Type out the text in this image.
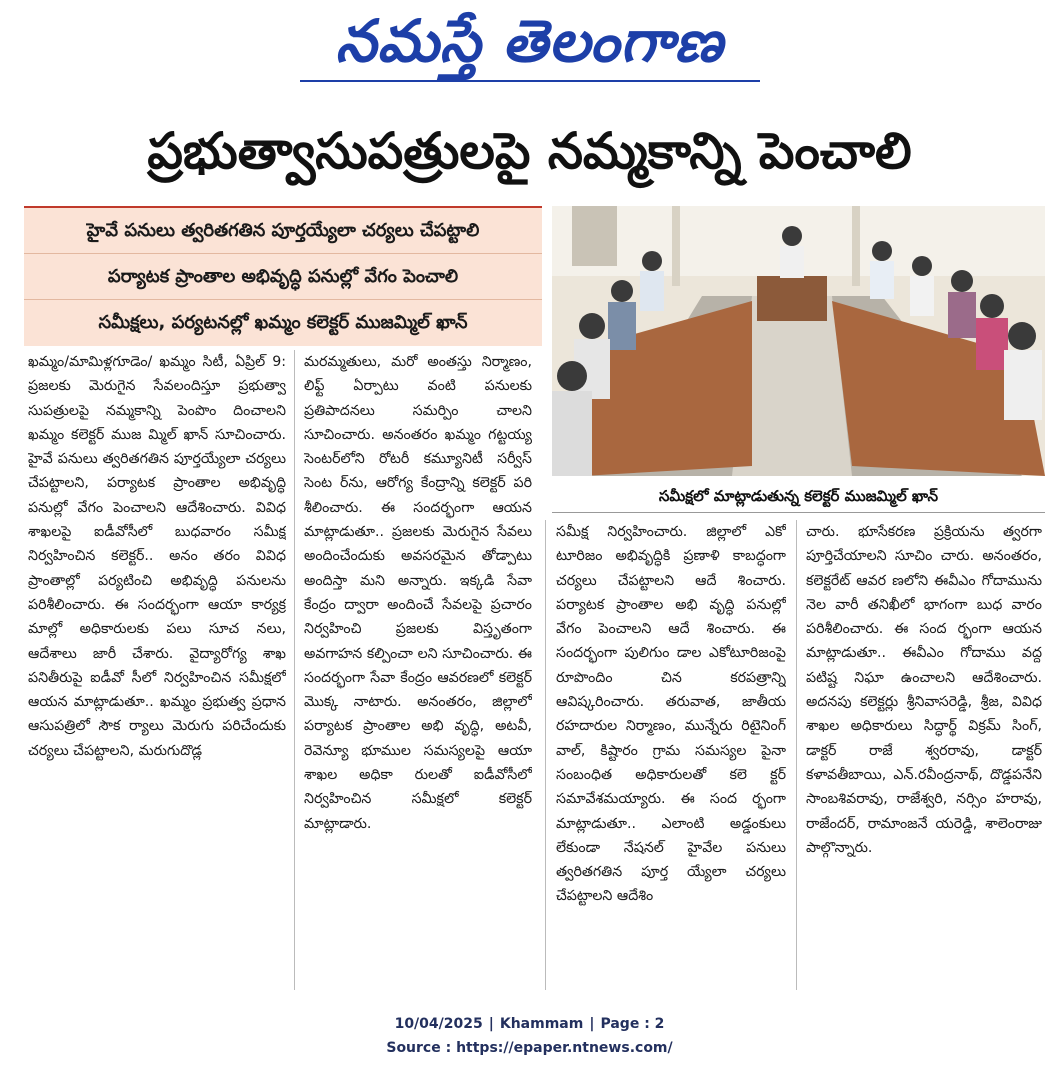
నమస్తే తెలంగాణ
ప్రభుత్వాసుపత్రులపై నమ్మకాన్ని పెంచాలి
హైవే పనులు త్వరితగతిన పూర్తయ్యేలా చర్యలు చేపట్టాలి
పర్యాటక ప్రాంతాల అభివృద్ధి పనుల్లో వేగం పెంచాలి
సమీక్షలు, పర్యటనల్లో ఖమ్మం కలెక్టర్ ముజమ్మిల్ ఖాన్
సమీక్షలో మాట్లాడుతున్న కలెక్టర్ ముజమ్మిల్ ఖాన్
ఖమ్మం/మామిళ్లగూడెం/ ఖమ్మం సిటీ, ఏప్రిల్ 9: ప్రజలకు మెరుగైన సేవలందిస్తూ ప్రభుత్వా సుపత్రులపై నమ్మకాన్ని పెంపొం దించాలని ఖమ్మం కలెక్టర్ ముజ మ్మిల్ ఖాన్ సూచించారు. హైవే పనులు త్వరితగతిన పూర్తయ్యేలా చర్యలు చేపట్టాలని, పర్యాటక ప్రాంతాల అభివృద్ధి పనుల్లో వేగం పెంచాలని ఆదేశించారు. వివిధ శాఖలపై ఐడీవోసీలో బుధవారం సమీక్ష నిర్వహించిన కలెక్టర్.. అనం తరం వివిధ ప్రాంతాల్లో పర్యటించి అభివృద్ధి పనులను పరిశీలించారు. ఈ సందర్భంగా ఆయా కార్యక్ర మాల్లో అధికారులకు పలు సూచ నలు, ఆదేశాలు జారీ చేశారు. వైద్యారోగ్య శాఖ పనితీరుపై ఐడీవో సీలో నిర్వహించిన సమీక్షలో ఆయన మాట్లాడుతూ.. ఖమ్మం ప్రభుత్వ ప్రధాన ఆసుపత్రిలో సౌక ర్యాలు మెరుగు పరిచేందుకు చర్యలు చేపట్టాలని, మరుగుదొడ్ల
మరమ్మతులు, మరో అంతస్తు నిర్మాణం, లిఫ్ట్ ఏర్పాటు వంటి పనులకు ప్రతిపాదనలు సమర్పిం చాలని సూచించారు. అనంతరం ఖమ్మం గట్టయ్య సెంటర్‌లోని రోటరీ కమ్యూనిటీ సర్వీస్ సెంట ర్‌ను, ఆరోగ్య కేంద్రాన్ని కలెక్టర్ పరి శీలించారు. ఈ సందర్భంగా ఆయన మాట్లాడుతూ.. ప్రజలకు మెరుగైన సేవలు అందించేందుకు అవసరమైన తోడ్పాటు అందిస్తా మని అన్నారు. ఇక్కడి సేవా కేంద్రం ద్వారా అందించే సేవలపై ప్రచారం నిర్వహించి ప్రజలకు విస్తృతంగా అవగాహన కల్పించా లని సూచించారు. ఈ సందర్భంగా సేవా కేంద్రం ఆవరణలో కలెక్టర్ మొక్క నాటారు. అనంతరం, జిల్లాలో పర్యాటక ప్రాంతాల అభి వృద్ధి, అటవీ, రెవెన్యూ భూముల సమస్యలపై ఆయా శాఖల అధికా రులతో ఐడీవోసీలో నిర్వహించిన సమీక్షలో కలెక్టర్ మాట్లాడారు.
సమీక్ష నిర్వహించారు. జిల్లాలో ఎకో టూరిజం అభివృద్ధికి ప్రణాళి కాబద్ధంగా చర్యలు చేపట్టాలని ఆదే శించారు. పర్యాటక ప్రాంతాల అభి వృద్ధి పనుల్లో వేగం పెంచాలని ఆదే శించారు. ఈ సందర్భంగా పులిగుం డాల ఎకోటూరిజంపై రూపొందిం చిన కరపత్రాన్ని ఆవిష్కరించారు. తరువాత, జాతీయ రహదారుల నిర్మాణం, మున్నేరు రిటైనింగ్ వాల్, కిష్టారం గ్రామ సమస్యల పైనా సంబంధిత అధికారులతో కలె క్టర్ సమావేశమయ్యారు. ఈ సంద ర్భంగా మాట్లాడుతూ.. ఎలాంటి అడ్డంకులు లేకుండా నేషనల్ హైవేల పనులు త్వరితగతిన పూర్త య్యేలా చర్యలు చేపట్టాలని ఆదేశిం
చారు. భూసేకరణ ప్రక్రియను త్వరగా పూర్తిచేయాలని సూచిం చారు. అనంతరం, కలెక్టరేట్ ఆవర ణలోని ఈవీఎం గోదామును నెల వారీ తనిఖీలో భాగంగా బుధ వారం పరిశీలించారు. ఈ సంద ర్భంగా ఆయన మాట్లాడుతూ.. ఈవీఎం గోదాము వద్ద పటిష్ట నిఘా ఉంచాలని ఆదేశించారు. అదనపు కలెక్టర్లు శ్రీనివాసరెడ్డి, శ్రీజ, వివిధ శాఖల అధికారులు సిద్ధార్థ్ విక్రమ్ సింగ్, డాక్టర్ రాజే శ్వరరావు, డాక్టర్ కళావతీబాయి, ఎన్.రవీంద్రనాథ్, దొడ్డపనేని సాంబశివరావు, రాజేశ్వరి, నర్సిం హరావు, రాజేందర్, రామాంజనే యరెడ్డి, శాలెంరాజు పాల్గొన్నారు.
10/04/2025 | Khammam | Page : 2
Source : https://epaper.ntnews.com/
